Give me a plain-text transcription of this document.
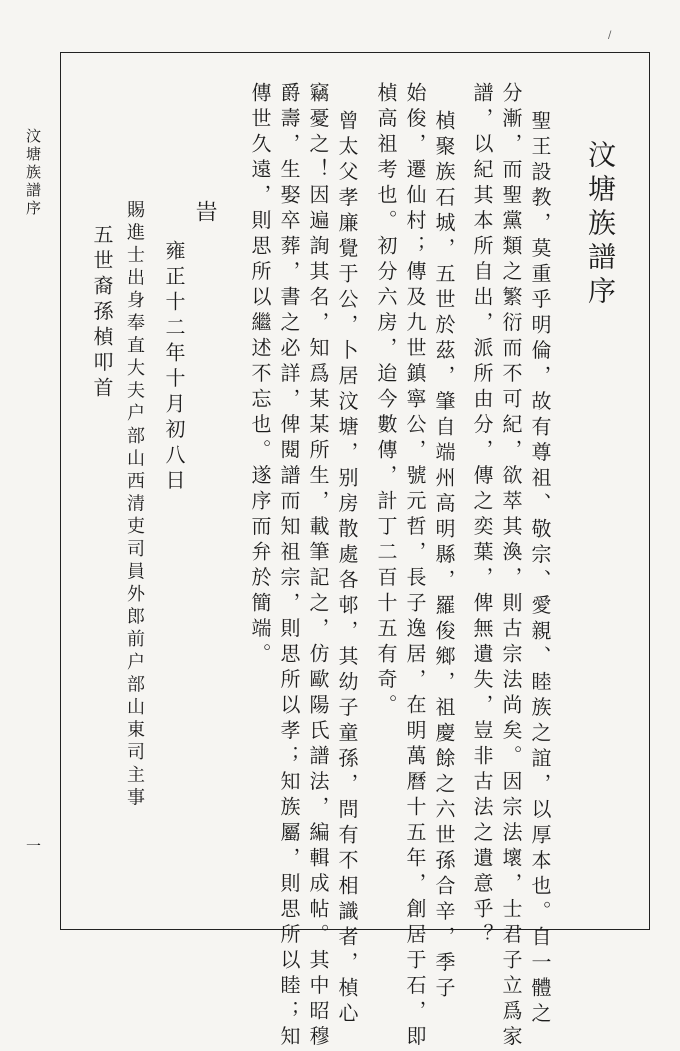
/
汶塘族譜序
一
汶塘族譜序
聖王設教，莫重乎明倫，故有尊祖、敬宗、愛親、睦族之誼，以厚本也。自一體之
分漸，而聖黨類之繁衍而不可紀，欲萃其渙，則古宗法尚矣。因宗法壞，士君子立爲家
譜，以紀其本所自出，派所由分，傳之奕葉，俾無遺失，豈非古法之遺意乎？
楨聚族石城，五世於茲，肇自端州高明縣，羅俊鄉，祖慶餘之六世孫合辛，季子
始俊，遷仙村；傳及九世鎮寧公，號元哲，長子逸居，在明萬曆十五年，創居于石，即
楨高祖考也。初分六房，迨今數傳，計丁二百十五有奇。
曾太父孝廉覺于公，卜居汶塘，别房散處各邨，其幼子童孫，問有不相識者，楨心
竊憂之！因遍詢其名，知爲某某所生，載筆記之，仿歐陽氏譜法，編輯成帖。其中昭穆
爵壽，生娶卒葬，書之必詳，俾閱譜而知祖宗，則思所以孝；知族屬，則思所以睦；知
傳世久遠，則思所以繼述不忘也。遂序而弁於簡端。
旹
雍正十二年十月初八日
賜進士出身奉直大夫户部山西清吏司員外郎前户部山東司主事
五世裔孫楨叩首
